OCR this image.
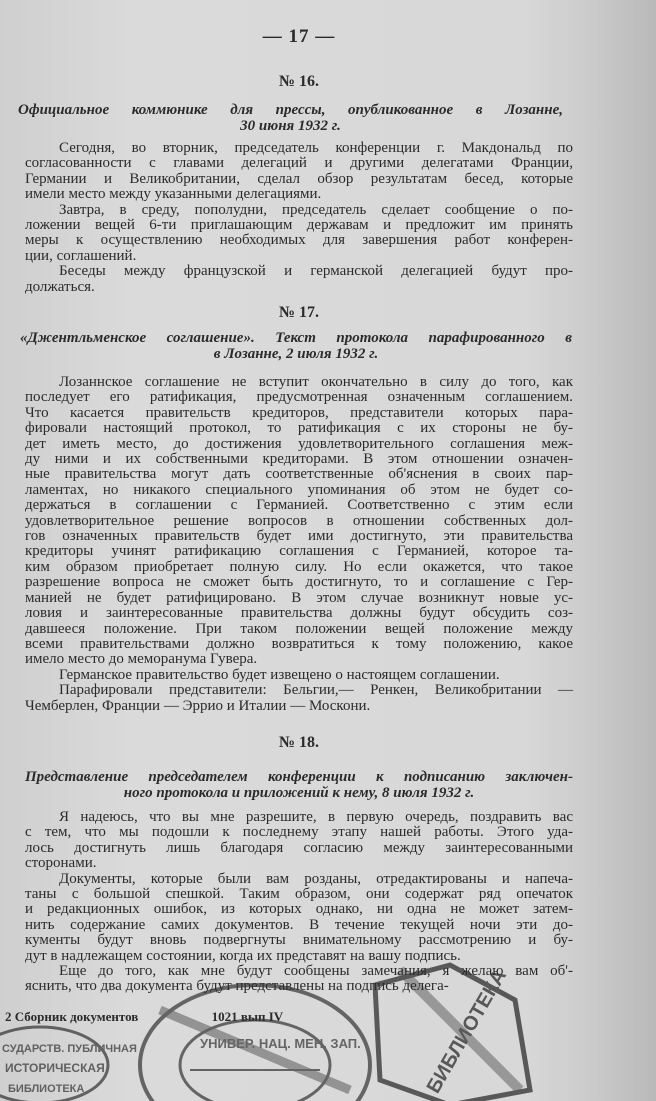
— 17 —
№ 16.
Официальное коммюнике для прессы, опубликованное в Лозанне,
30 июня 1932 г.
Сегодня, во вторник, председатель конференции г. Макдональд по
согласованности с главами делегаций и другими делегатами Франции,
Германии и Великобритании, сделал обзор результатам бесед, которые
имели место между указанными делегациями.
Завтра, в среду, пополудни, председатель сделает сообщение о по-
ложении вещей 6-ти приглашающим державам и предложит им принять
меры к осуществлению необходимых для завершения работ конферен-
ции, соглашений.
Беседы между французской и германской делегацией будут про-
должаться.
№ 17.
«Джентльменское соглашение». Текст протокола парафированного в
в Лозанне, 2 июля 1932 г.
Лозаннское соглашение не вступит окончательно в силу до того, как
последует его ратификация, предусмотренная означенным соглашением.
Что касается правительств кредиторов, представители которых пара-
фировали настоящий протокол, то ратификация с их стороны не бу-
дет иметь место, до достижения удовлетворительного соглашения меж-
ду ними и их собственными кредиторами. В этом отношении означен-
ные правительства могут дать соответственные об'яснения в своих пар-
ламентах, но никакого специального упоминания об этом не будет со-
держаться в соглашении с Германией. Соответственно с этим если
удовлетворительное решение вопросов в отношении собственных дол-
гов означенных правительств будет ими достигнуто, эти правительства
кредиторы учинят ратификацию соглашения с Германией, которое та-
ким образом приобретает полную силу. Но если окажется, что такое
разрешение вопроса не сможет быть достигнуто, то и соглашение с Гер-
манией не будет ратифицировано. В этом случае возникнут новые ус-
ловия и заинтересованные правительства должны будут обсудить соз-
давшееся положение. При таком положении вещей положение между
всеми правительствами должно возвратиться к тому положению, какое
имело место до меморанума Гувера.
Германское правительство будет извещено о настоящем соглашении.
Парафировали представители: Бельгии,— Ренкен, Великобритании —
Чемберлен, Франции — Эррио и Италии — Москони.
№ 18.
Представление председателем конференции к подписанию заключен-
ного протокола и приложений к нему, 8 июля 1932 г.
Я надеюсь, что вы мне разрешите, в первую очередь, поздравить вас
с тем, что мы подошли к последнему этапу нашей работы. Этого уда-
лось достигнуть лишь благодаря согласию между заинтересованными
сторонами.
Документы, которые были вам розданы, отредактированы и напеча-
таны с большой спешкой. Таким образом, они содержат ряд опечаток
и редакционных ошибок, из которых однако, ни одна не может затем-
нить содержание самих документов. В течение текущей ночи эти до-
кументы будут вновь подвергнуты внимательному рассмотрению и бу-
дут в надлежащем состоянии, когда их представят на вашу подпись.
Еще до того, как мне будут сообщены замечания, я желаю вам об'-
яснить, что два документа будут представлены на подпись делега-
2 Сборник документов	1021 вып IV
СУДАРСТВ. ПУБЛИЧНАЯ
ИСТОРИЧЕСКАЯ
БИБЛИОТЕКА
УНИВЕР. НАЦ. МЕН. ЗАП.	БИБЛИОТЕКА
